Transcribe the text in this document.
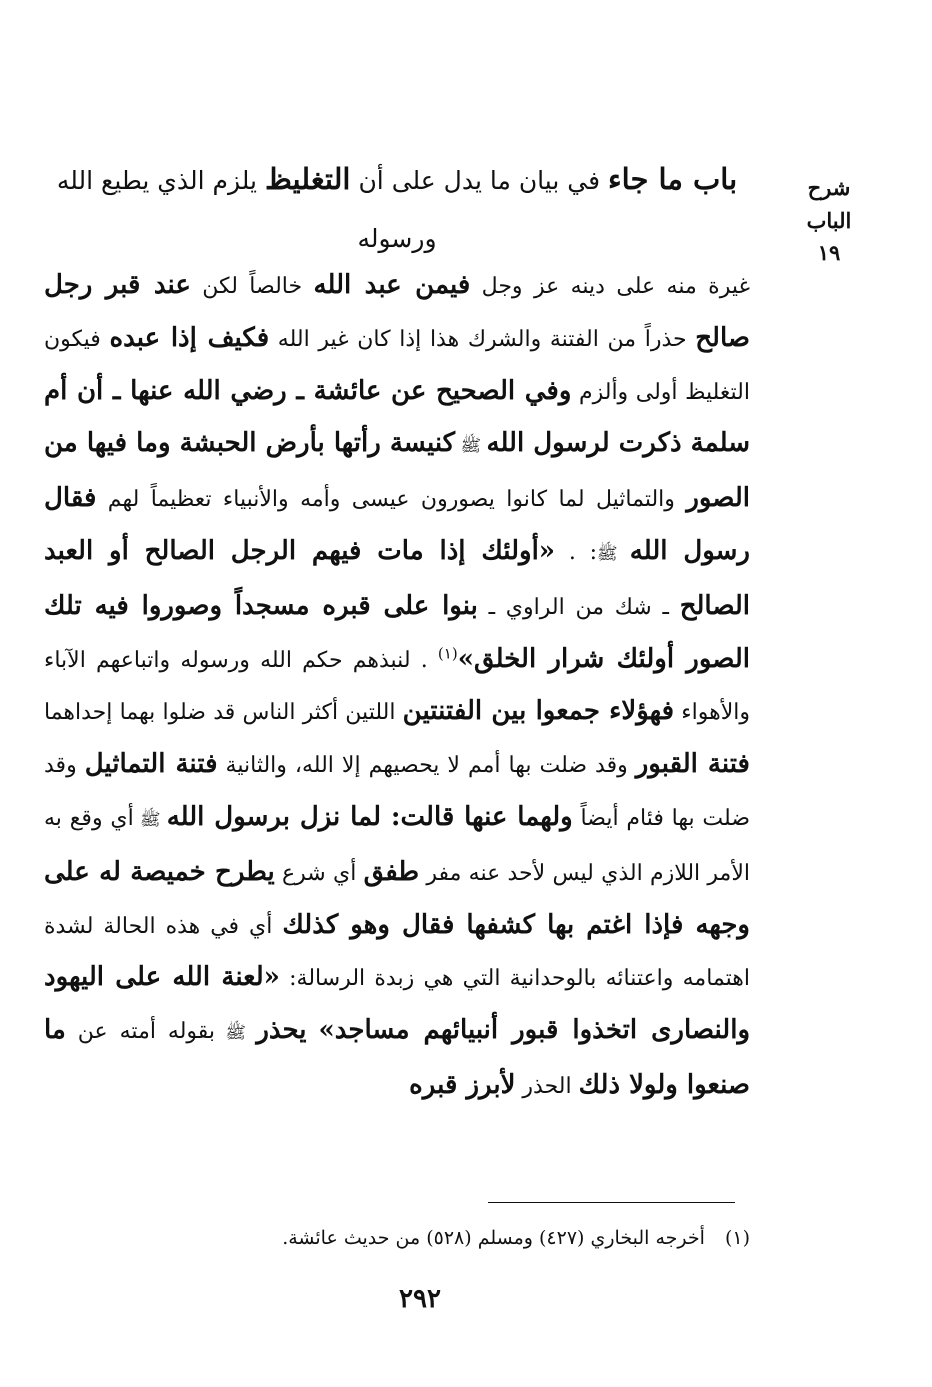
شرح الباب
١٩
باب ما جاء في بيان ما يدل على أن التغليظ يلزم الذي يطيع الله ورسوله

غيرة منه على دينه عز وجل فيمن عبد الله خالصاً لكن عند قبر رجل صالح حذراً من الفتنة والشرك هذا إذا كان غير الله فكيف إذا عبده فيكون التغليظ أولى وألزم وفي الصحيح عن عائشة ـ رضي الله عنها ـ أن أم سلمة ذكرت لرسول الله ﷺ كنيسة رأتها بأرض الحبشة وما فيها من الصور والتماثيل لما كانوا يصورون عيسى وأمه والأنبياء تعظيماً لهم فقال رسول الله ﷺ: . «أولئك إذا مات فيهم الرجل الصالح أو العبد الصالح ـ شك من الراوي ـ بنوا على قبره مسجداً وصوروا فيه تلك الصور أولئك شرار الخلق»$^{(١)}$ . لنبذهم حكم الله ورسوله واتباعهم الآباء والأهواء فهؤلاء جمعوا بين الفتنتين اللتين أكثر الناس قد ضلوا بهما إحداهما فتنة القبور وقد ضلت بها أمم لا يحصيهم إلا الله، والثانية فتنة التماثيل وقد ضلت بها فئام أيضاً ولهما عنها قالت: لما نزل برسول الله ﷺ أي وقع به الأمر اللازم الذي ليس لأحد عنه مفر طفق أي شرع يطرح خميصة له على وجهه فإذا اغتم بها كشفها فقال وهو كذلك أي في هذه الحالة لشدة اهتمامه واعتنائه بالوحدانية التي هي زبدة الرسالة: «لعنة الله على اليهود والنصارى اتخذوا قبور أنبيائهم مساجد» يحذر ﷺ بقوله أمته عن ما صنعوا ولولا ذلك الحذر لأبرز قبره

(١) أخرجه البخاري (٤٢٧) ومسلم (٥٢٨) من حديث عائشة.
٢٩٢
